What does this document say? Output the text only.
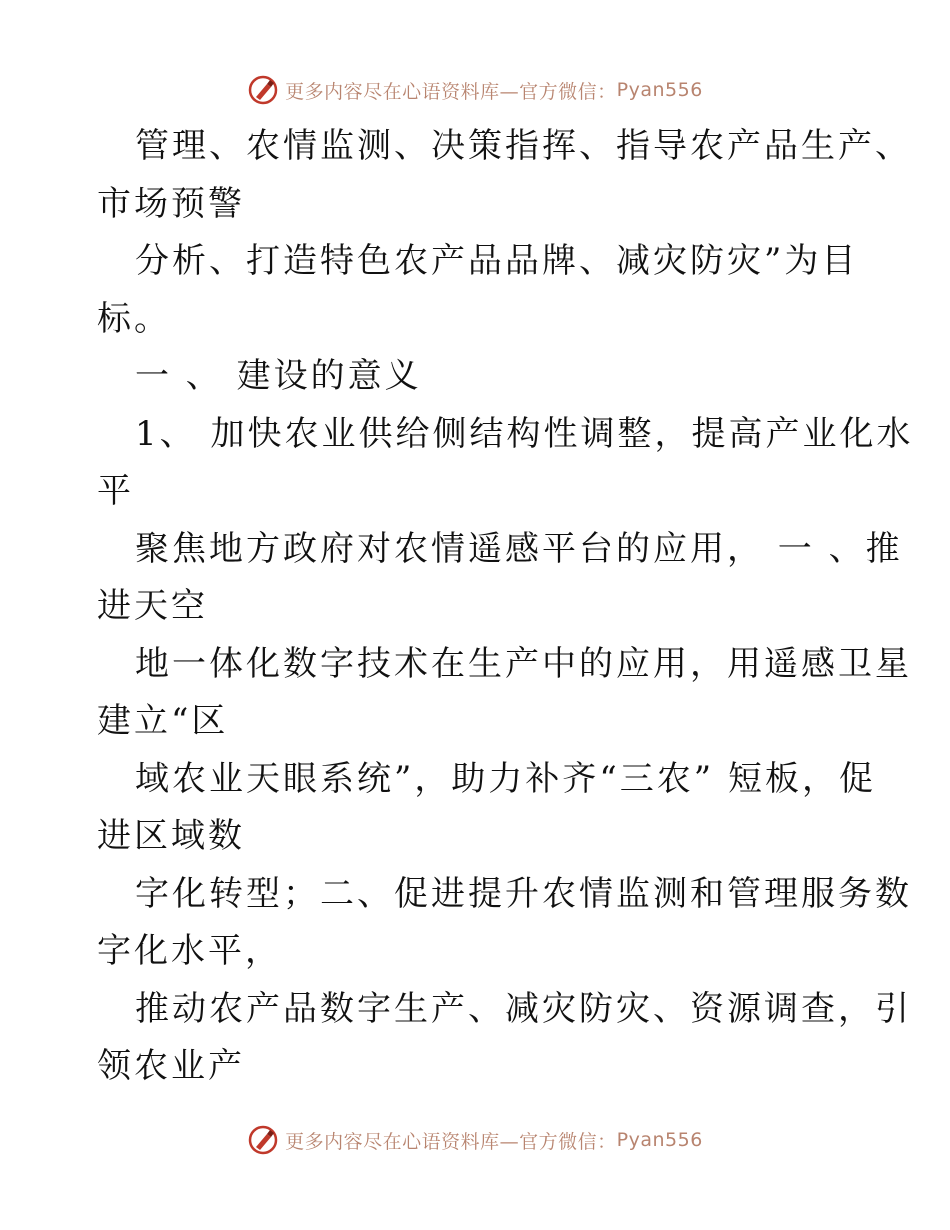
更多内容尽在心语资料库—官方微信： Pyan556
管理、农情监测、决策指挥、指导农产品生产、
市场预警
分析、打造特色农产品品牌、减灾防灾”为目
标。
一 、 建设的意义
1、 加快农业供给侧结构性调整，提高产业化水
平
聚焦地方政府对农情遥感平台的应用， 一 、推
进天空
地一体化数字技术在生产中的应用，用遥感卫星
建立“区
域农业天眼系统”，助力补齐“三农” 短板，促
进区域数
字化转型；二、促进提升农情监测和管理服务数
字化水平，
推动农产品数字生产、减灾防灾、资源调查，引
领农业产
更多内容尽在心语资料库—官方微信： Pyan556
